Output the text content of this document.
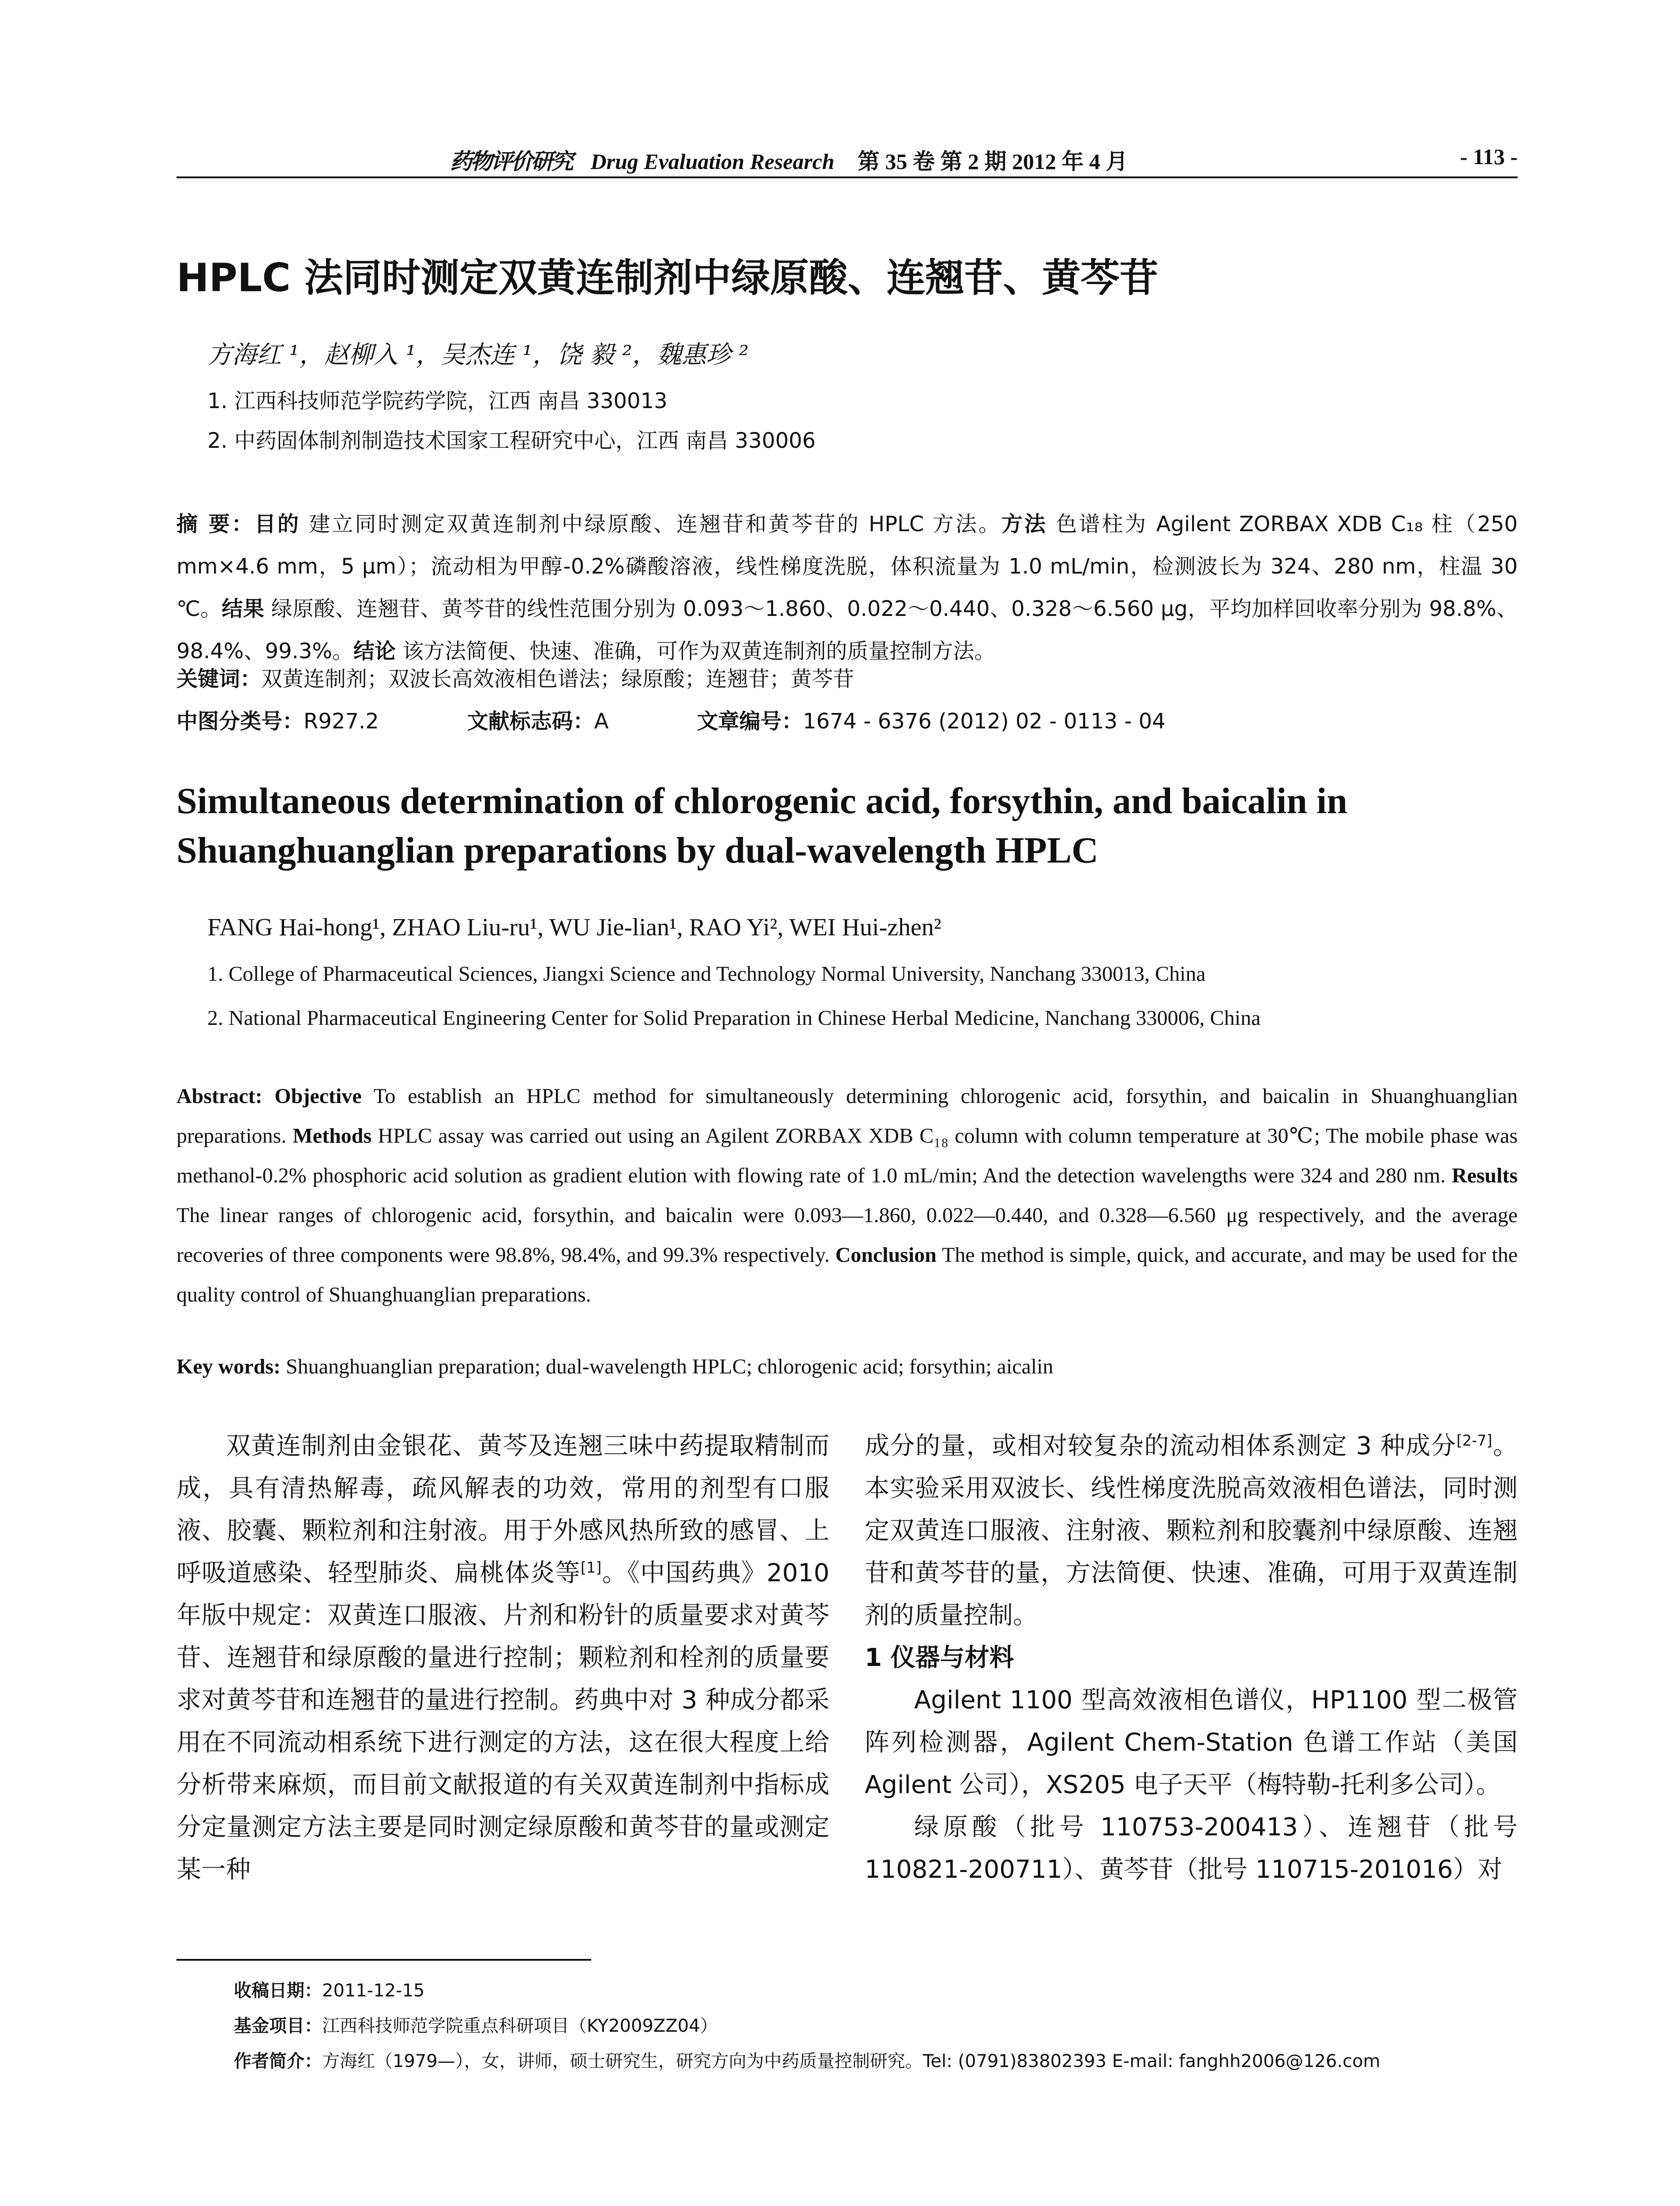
药物评价研究 Drug Evaluation Research 第 35 卷 第 2 期 2012 年 4 月	- 113 -
HPLC 法同时测定双黄连制剂中绿原酸、连翘苷、黄芩苷
方海红 ¹，赵柳入 ¹，吴杰连 ¹，饶 毅 ²，魏惠珍 ²
1. 江西科技师范学院药学院，江西 南昌 330013
2. 中药固体制剂制造技术国家工程研究中心，江西 南昌 330006

摘 要：目的 建立同时测定双黄连制剂中绿原酸、连翘苷和黄芩苷的 HPLC 方法。方法 色谱柱为 Agilent ZORBAX XDB C₁₈ 柱（250 mm×4.6 mm，5 μm）；流动相为甲醇-0.2%磷酸溶液，线性梯度洗脱，体积流量为 1.0 mL/min，检测波长为 324、280 nm，柱温 30 ℃。结果 绿原酸、连翘苷、黄芩苷的线性范围分别为 0.093～1.860、0.022～0.440、0.328～6.560 μg，平均加样回收率分别为 98.8%、98.4%、99.3%。结论 该方法简便、快速、准确，可作为双黄连制剂的质量控制方法。

关键词：双黄连制剂；双波长高效液相色谱法；绿原酸；连翘苷；黄芩苷
中图分类号：R927.2	文献标志码：A	文章编号：1674 - 6376 (2012) 02 - 0113 - 04
Simultaneous determination of chlorogenic acid, forsythin, and baicalin in Shuanghuanglian preparations by dual-wavelength HPLC
FANG Hai-hong¹, ZHAO Liu-ru¹, WU Jie-lian¹, RAO Yi², WEI Hui-zhen²
1. College of Pharmaceutical Sciences, Jiangxi Science and Technology Normal University, Nanchang 330013, China
2. National Pharmaceutical Engineering Center for Solid Preparation in Chinese Herbal Medicine, Nanchang 330006, China

Abstract: Objective To establish an HPLC method for simultaneously determining chlorogenic acid, forsythin, and baicalin in Shuanghuanglian preparations. Methods HPLC assay was carried out using an Agilent ZORBAX XDB C₁₈ column with column temperature at 30℃; The mobile phase was methanol-0.2% phosphoric acid solution as gradient elution with flowing rate of 1.0 mL/min; And the detection wavelengths were 324 and 280 nm. Results The linear ranges of chlorogenic acid, forsythin, and baicalin were 0.093—1.860, 0.022—0.440, and 0.328—6.560 μg respectively, and the average recoveries of three components were 98.8%, 98.4%, and 99.3% respectively. Conclusion The method is simple, quick, and accurate, and may be used for the quality control of Shuanghuanglian preparations.

Key words: Shuanghuanglian preparation; dual-wavelength HPLC; chlorogenic acid; forsythin; aicalin

双黄连制剂由金银花、黄芩及连翘三味中药提取精制而成，具有清热解毒，疏风解表的功效，常用的剂型有口服液、胶囊、颗粒剂和注射液。用于外感风热所致的感冒、上呼吸道感染、轻型肺炎、扁桃体炎等[1]。《中国药典》2010 年版中规定：双黄连口服液、片剂和粉针的质量要求对黄芩苷、连翘苷和绿原酸的量进行控制；颗粒剂和栓剂的质量要求对黄芩苷和连翘苷的量进行控制。药典中对 3 种成分都采用在不同流动相系统下进行测定的方法，这在很大程度上给分析带来麻烦，而目前文献报道的有关双黄连制剂中指标成分定量测定方法主要是同时测定绿原酸和黄芩苷的量或测定某一种

成分的量，或相对较复杂的流动相体系测定 3 种成分[2-7]。本实验采用双波长、线性梯度洗脱高效液相色谱法，同时测定双黄连口服液、注射液、颗粒剂和胶囊剂中绿原酸、连翘苷和黄芩苷的量，方法简便、快速、准确，可用于双黄连制剂的质量控制。

1 仪器与材料

Agilent 1100 型高效液相色谱仪，HP1100 型二极管阵列检测器，Agilent Chem-Station 色谱工作站（美国 Agilent 公司），XS205 电子天平（梅特勒-托利多公司）。

绿原酸（批号 110753-200413）、连翘苷（批号 110821-200711）、黄芩苷（批号 110715-201016）对

收稿日期：2011-12-15
基金项目：江西科技师范学院重点科研项目（KY2009ZZ04）
作者简介：方海红（1979—），女，讲师，硕士研究生，研究方向为中药质量控制研究。Tel: (0791)83802393 E-mail: fanghh2006@126.com
